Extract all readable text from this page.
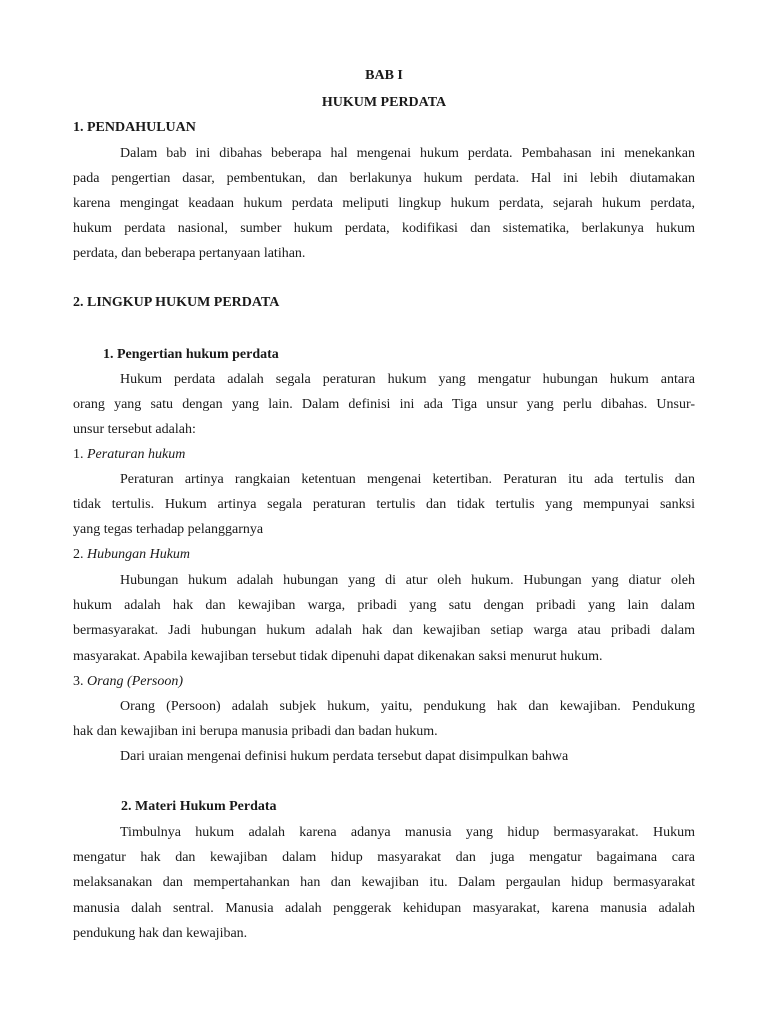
BAB I
HUKUM PERDATA
1. PENDAHULUAN
Dalam bab ini dibahas beberapa hal mengenai hukum perdata. Pembahasan ini menekankan
pada pengertian dasar, pembentukan, dan berlakunya hukum perdata. Hal ini lebih diutamakan
karena mengingat keadaan hukum perdata meliputi lingkup hukum perdata, sejarah hukum perdata,
hukum perdata nasional, sumber hukum perdata, kodifikasi dan sistematika, berlakunya hukum
perdata, dan beberapa pertanyaan latihan.
2. LINGKUP HUKUM PERDATA
1. Pengertian hukum perdata
Hukum perdata adalah segala peraturan hukum yang mengatur hubungan hukum antara
orang yang satu dengan yang lain. Dalam definisi ini ada Tiga unsur yang perlu dibahas. Unsur-
unsur tersebut adalah:
1. Peraturan hukum
Peraturan artinya rangkaian ketentuan mengenai ketertiban. Peraturan itu ada tertulis dan
tidak tertulis. Hukum artinya segala peraturan tertulis dan tidak tertulis yang mempunyai sanksi
yang tegas terhadap pelanggarnya
2. Hubungan Hukum
Hubungan hukum adalah hubungan yang di atur oleh hukum. Hubungan yang diatur oleh
hukum adalah hak dan kewajiban warga, pribadi yang satu dengan pribadi yang lain dalam
bermasyarakat. Jadi hubungan hukum adalah hak dan kewajiban setiap warga atau pribadi dalam
masyarakat. Apabila kewajiban tersebut tidak dipenuhi dapat dikenakan saksi menurut hukum.
3. Orang (Persoon)
Orang (Persoon) adalah subjek hukum, yaitu, pendukung hak dan kewajiban. Pendukung
hak dan kewajiban ini berupa manusia pribadi dan badan hukum.
Dari uraian mengenai definisi hukum perdata tersebut dapat disimpulkan bahwa
2. Materi Hukum Perdata
Timbulnya hukum adalah karena adanya manusia yang hidup bermasyarakat. Hukum
mengatur hak dan kewajiban dalam hidup masyarakat dan juga mengatur bagaimana cara
melaksanakan dan mempertahankan han dan kewajiban itu. Dalam pergaulan hidup bermasyarakat
manusia dalah sentral. Manusia adalah penggerak kehidupan masyarakat, karena manusia adalah
pendukung hak dan kewajiban.
